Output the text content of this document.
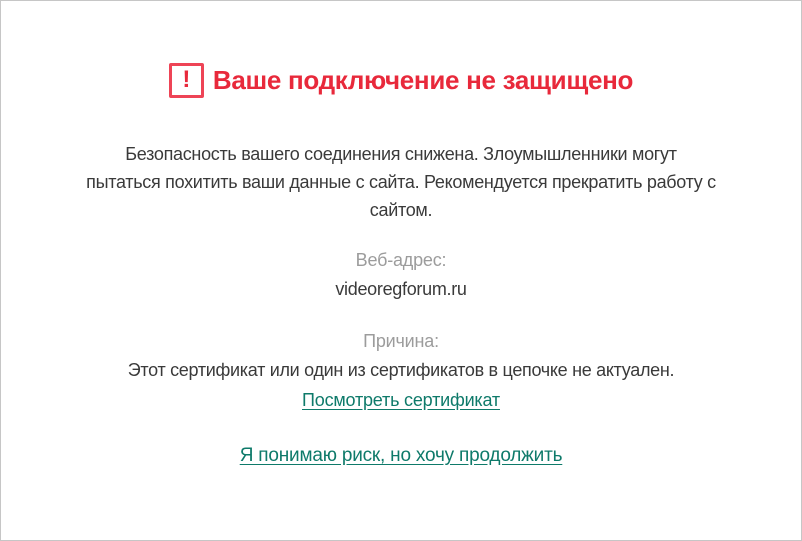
! Ваше подключение не защищено
Безопасность вашего соединения снижена. Злоумышленники могут
пытаться похитить ваши данные с сайта. Рекомендуется прекратить работу с
сайтом.
Веб-адрес:
videoregforum.ru
Причина:
Этот сертификат или один из сертификатов в цепочке не актуален.
Посмотреть сертификат
Я понимаю риск, но хочу продолжить
